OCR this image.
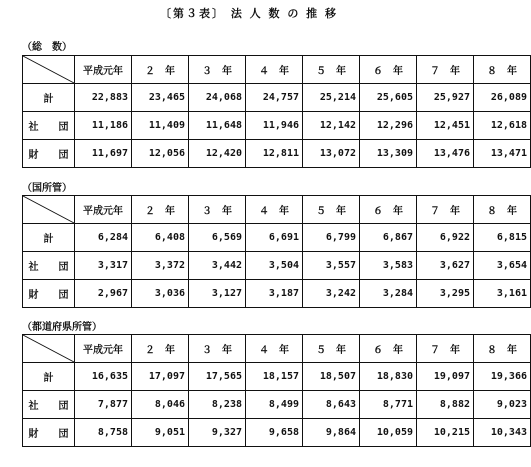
〔第３表〕 法 人 数 の 推 移
（総　数）
	平成元年	２　年	３　年	４　年	５　年	６　年	７　年	８　年
計	22,883	23,465	24,068	24,757	25,214	25,605	25,927	26,089
社　　団	11,186	11,409	11,648	11,946	12,142	12,296	12,451	12,618
財　　団	11,697	12,056	12,420	12,811	13,072	13,309	13,476	13,471
（国所管）
	平成元年	２　年	３　年	４　年	５　年	６　年	７　年	８　年
計	6,284	6,408	6,569	6,691	6,799	6,867	6,922	6,815
社　　団	3,317	3,372	3,442	3,504	3,557	3,583	3,627	3,654
財　　団	2,967	3,036	3,127	3,187	3,242	3,284	3,295	3,161
（都道府県所管）
	平成元年	２　年	３　年	４　年	５　年	６　年	７　年	８　年
計	16,635	17,097	17,565	18,157	18,507	18,830	19,097	19,366
社　　団	7,877	8,046	8,238	8,499	8,643	8,771	8,882	9,023
財　　団	8,758	9,051	9,327	9,658	9,864	10,059	10,215	10,343
